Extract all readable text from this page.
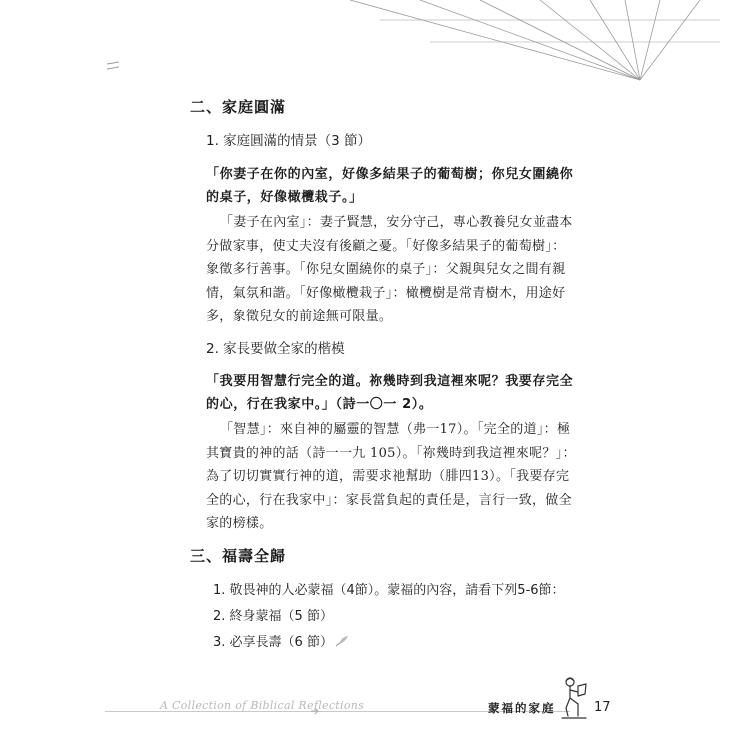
二、家庭圓滿

1. 家庭圓滿的情景（3 節）

「你妻子在你的內室，好像多結果子的葡萄樹；你兒女圍繞你的桌子，好像橄欖栽子。」

「妻子在內室」：妻子賢慧，安分守己，專心教養兒女並盡本分做家事，使丈夫沒有後顧之憂。「好像多結果子的葡萄樹」：象徵多行善事。「你兒女圍繞你的桌子」：父親與兒女之間有親情，氣氛和諧。「好像橄欖栽子」：橄欖樹是常青樹木，用途好多，象徵兒女的前途無可限量。

2. 家長要做全家的楷模

「我要用智慧行完全的道。祢幾時到我這裡來呢？我要存完全的心，行在我家中。」（詩一〇一 2）。

「智慧」：來自神的屬靈的智慧（弗一17）。「完全的道」：極其寶貴的神的話（詩一一九 105）。「祢幾時到我這裡來呢？」：為了切切實實行神的道，需要求祂幫助（腓四13）。「我要存完全的心，行在我家中」：家長當負起的責任是，言行一致，做全家的榜樣。

三、福壽全歸

1. 敬畏神的人必蒙福（4節）。蒙福的內容，請看下列5-6節：

2. 終身蒙福（5 節）

3. 必享長壽（6 節）

A Collection of Biblical Reflections	蒙福的家庭	17
